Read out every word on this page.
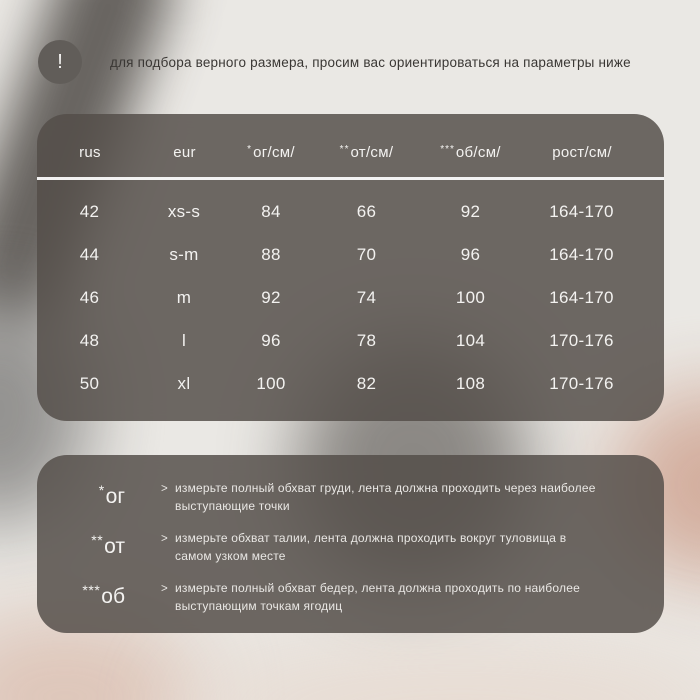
!	для подбора верного размера, просим вас ориентироваться на параметры ниже
rus	eur	*ог/см/	**от/см/	***об/см/	рост/см/
42	xs-s	84	66	92	164-170
44	s-m	88	70	96	164-170
46	m	92	74	100	164-170
48	l	96	78	104	170-176
50	xl	100	82	108	170-176
*ог	> измерьте полный обхват груди, лента должна проходить через наиболее
выступающие точки
**от	> измерьте обхват талии, лента должна проходить вокруг туловища в
самом узком месте
***об	> измерьте полный обхват бедер, лента должна проходить по наиболее
выступающим точкам ягодиц
